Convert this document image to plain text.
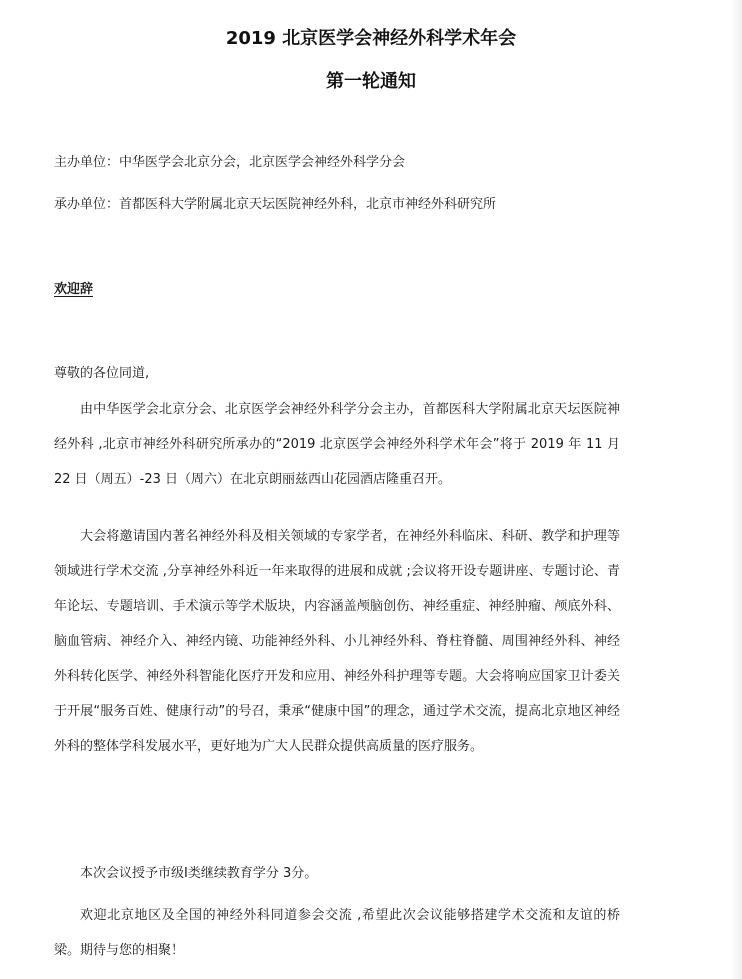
2019 北京医学会神经外科学术年会
第一轮通知
主办单位：中华医学会北京分会，北京医学会神经外科学分会
承办单位：首都医科大学附属北京天坛医院神经外科，北京市神经外科研究所
欢迎辞
尊敬的各位同道,
由中华医学会北京分会、北京医学会神经外科学分会主办，首都医科大学附属北京天坛医院神经外科 ,北京市神经外科研究所承办的“2019 北京医学会神经外科学术年会”将于 2019 年 11 月 22 日（周五）-23 日（周六）在北京朗丽兹西山花园酒店隆重召开。
大会将邀请国内著名神经外科及相关领域的专家学者，在神经外科临床、科研、教学和护理等领域进行学术交流 ,分享神经外科近一年来取得的进展和成就 ;会议将开设专题讲座、专题讨论、青年论坛、专题培训、手术演示等学术版块，内容涵盖颅脑创伤、神经重症、神经肿瘤、颅底外科、脑血管病、神经介入、神经内镜、功能神经外科、小儿神经外科、脊柱脊髓、周围神经外科、神经外科转化医学、神经外科智能化医疗开发和应用、神经外科护理等专题。大会将响应国家卫计委关于开展“服务百姓、健康行动”的号召，秉承“健康中国”的理念，通过学术交流，提高北京地区神经外科的整体学科发展水平，更好地为广大人民群众提供高质量的医疗服务。
本次会议授予市级Ⅰ类继续教育学分 3分。
欢迎北京地区及全国的神经外科同道参会交流 ,希望此次会议能够搭建学术交流和友谊的桥梁。期待与您的相聚！
